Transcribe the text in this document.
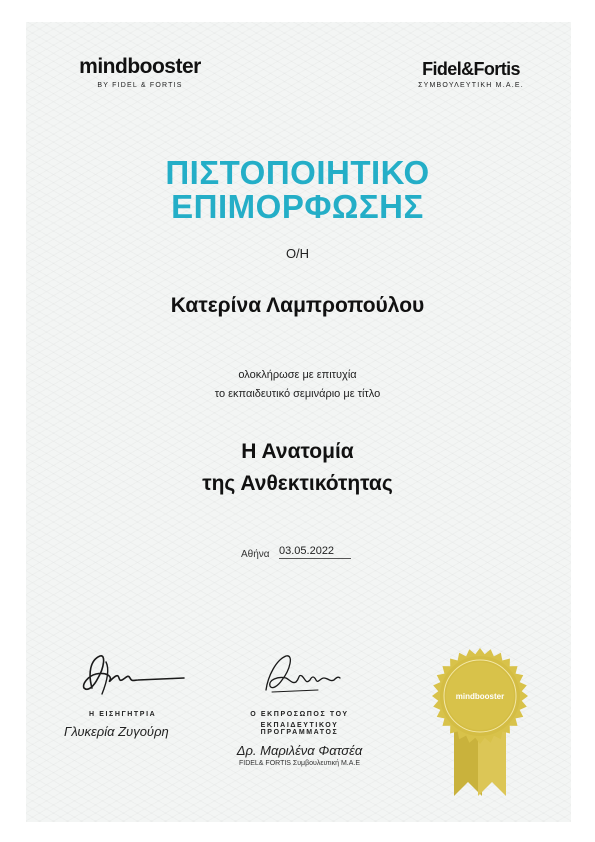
mindbooster
BY FIDEL & FORTIS
Fidel&Fortis
ΣΥΜΒΟΥΛΕΥΤΙΚΗ Μ.Α.Ε.
ΠΙΣΤΟΠΟΙΗΤΙΚΟ
ΕΠΙΜΟΡΦΩΣΗΣ
Ο/Η
Κατερίνα Λαμπροπούλου
ολοκλήρωσε με επιτυχία
το εκπαιδευτικό σεμινάριο με τίτλο
Η Ανατομία
της Ανθεκτικότητας
Αθήνα 03.05.2022
Η ΕΙΣΗΓΗΤΡΙΑ
Γλυκερία Ζυγούρη
Ο ΕΚΠΡΟΣΩΠΟΣ ΤΟΥ
ΕΚΠΑΙΔΕΥΤΙΚΟΥ ΠΡΟΓΡΑΜΜΑΤΟΣ
Δρ. Μαριλένα Φατσέα
FIDEL& FORTIS Συμβουλευτική Μ.Α.Ε
mindbooster
